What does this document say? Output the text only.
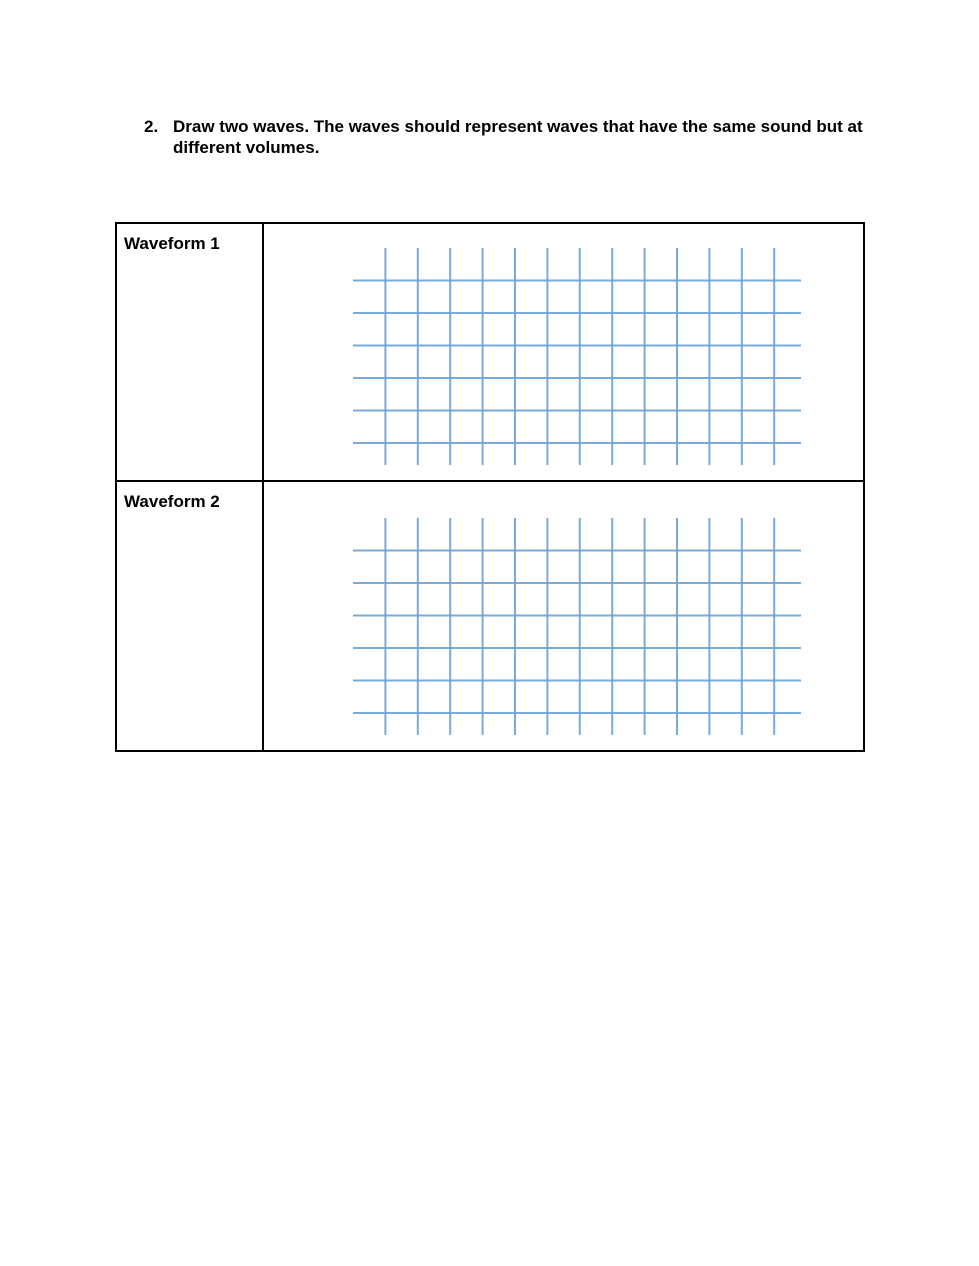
2. Draw two waves. The waves should represent waves that have the same sound but at different volumes.
Waveform 1
Waveform 2
